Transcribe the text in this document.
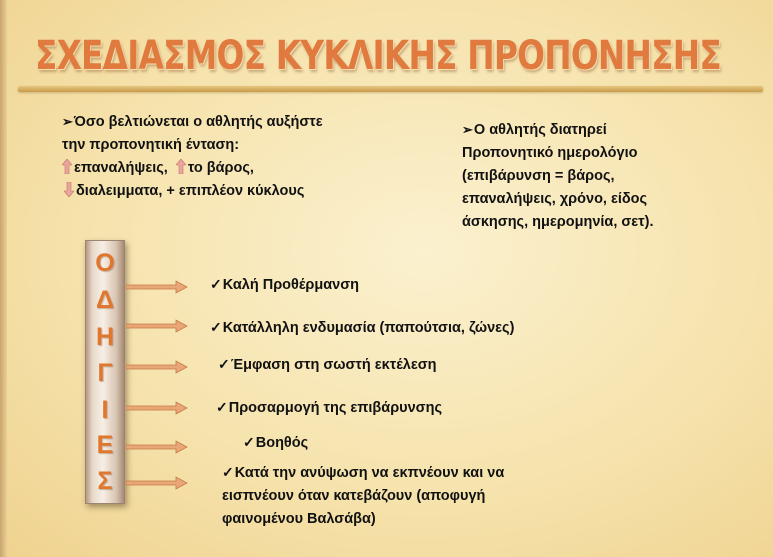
ΣΧΕΔΙΑΣΜΟΣ ΚΥΚΛΙΚΗΣ ΠΡΟΠΟΝΗΣΗΣ
➢Όσο βελτιώνεται ο αθλητής αυξήστε
την προπονητική ένταση:
επαναλήψεις, το βάρος,
διαλειμματα, + επιπλέον κύκλους
➢Ο αθλητής διατηρεί
Προπονητικό ημερολόγιο
(επιβάρυνση = βάρος,
επαναλήψεις, χρόνο, είδος
άσκησης, ημερομηνία, σετ).
Ο
Δ
Η
Γ
Ι
Ε
Σ
✓Καλή Προθέρμανση
✓Κατάλληλη ενδυμασία (παπούτσια, ζώνες)
✓Έμφαση στη σωστή εκτέλεση
✓Προσαρμογή της επιβάρυνσης
✓Βοηθός
✓Κατά την ανύψωση να εκπνέουν και να
εισπνέουν όταν κατεβάζουν (αποφυγή
φαινομένου Βαλσάβα)
